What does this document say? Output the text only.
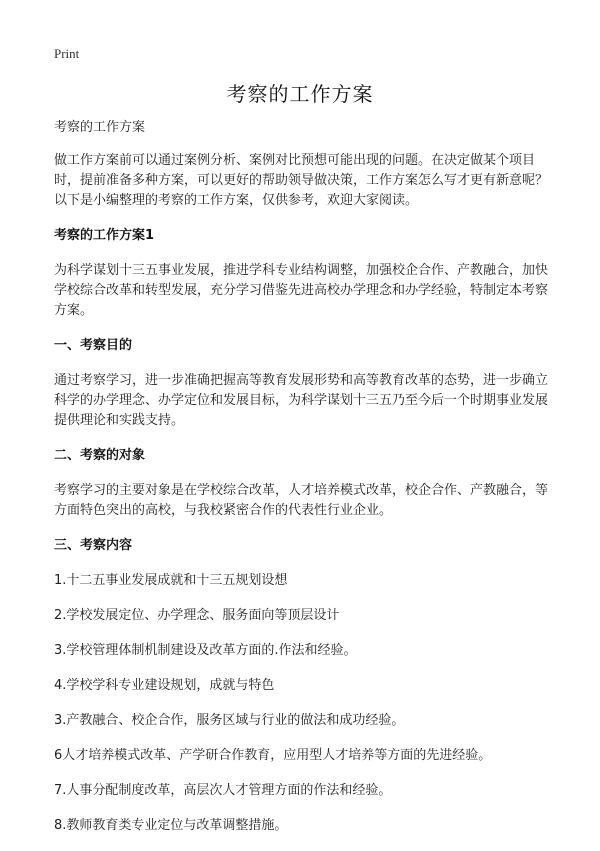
Print
考察的工作方案

考察的工作方案

做工作方案前可以通过案例分析、案例对比预想可能出现的问题。在决定做某个项目时，提前准备多种方案，可以更好的帮助领导做决策，工作方案怎么写才更有新意呢？以下是小编整理的考察的工作方案，仅供参考，欢迎大家阅读。

考察的工作方案1

为科学谋划十三五事业发展，推进学科专业结构调整，加强校企合作、产教融合，加快学校综合改革和转型发展，充分学习借鉴先进高校办学理念和办学经验，特制定本考察方案。

一、考察目的

通过考察学习，进一步准确把握高等教育发展形势和高等教育改革的态势，进一步确立科学的办学理念、办学定位和发展目标，为科学谋划十三五乃至今后一个时期事业发展提供理论和实践支持。

二、考察的对象

考察学习的主要对象是在学校综合改革，人才培养模式改革，校企合作、产教融合，等方面特色突出的高校，与我校紧密合作的代表性行业企业。

三、考察内容

1.十二五事业发展成就和十三五规划设想

2.学校发展定位、办学理念、服务面向等顶层设计

3.学校管理体制机制建设及改革方面的.作法和经验。

4.学校学科专业建设规划，成就与特色

3.产教融合、校企合作，服务区域与行业的做法和成功经验。

6人才培养模式改革、产学研合作教育，应用型人才培养等方面的先进经验。

7.人事分配制度改革，高层次人才管理方面的作法和经验。

8.教师教育类专业定位与改革调整措施。
